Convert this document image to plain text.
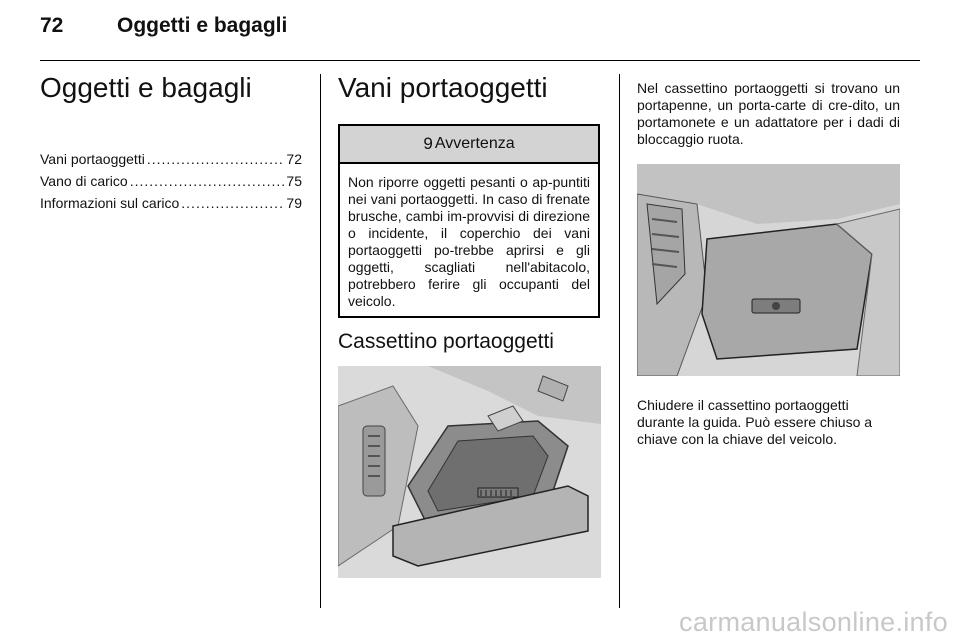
72	Oggetti e bagagli
Oggetti e bagagli
Vani portaoggetti .....	72
Vano di carico .....	75
Informazioni sul carico .....	79
Vani portaoggetti
9 Avvertenza
Non riporre oggetti pesanti o ap-puntiti nei vani portaoggetti. In caso di frenate brusche, cambi im-provvisi di direzione o incidente, il coperchio dei vani portaoggetti po-trebbe aprirsi e gli oggetti, scagliati nell'abitacolo, potrebbero ferire gli occupanti del veicolo.
Cassettino portaoggetti

Nel cassettino portaoggetti si trovano un portapenne, un porta-carte di cre-dito, un portamonete e un adattatore per i dadi di bloccaggio ruota.

Chiudere il cassettino portaoggetti durante la guida. Può essere chiuso a chiave con la chiave del veicolo.

carmanualsonline.info
